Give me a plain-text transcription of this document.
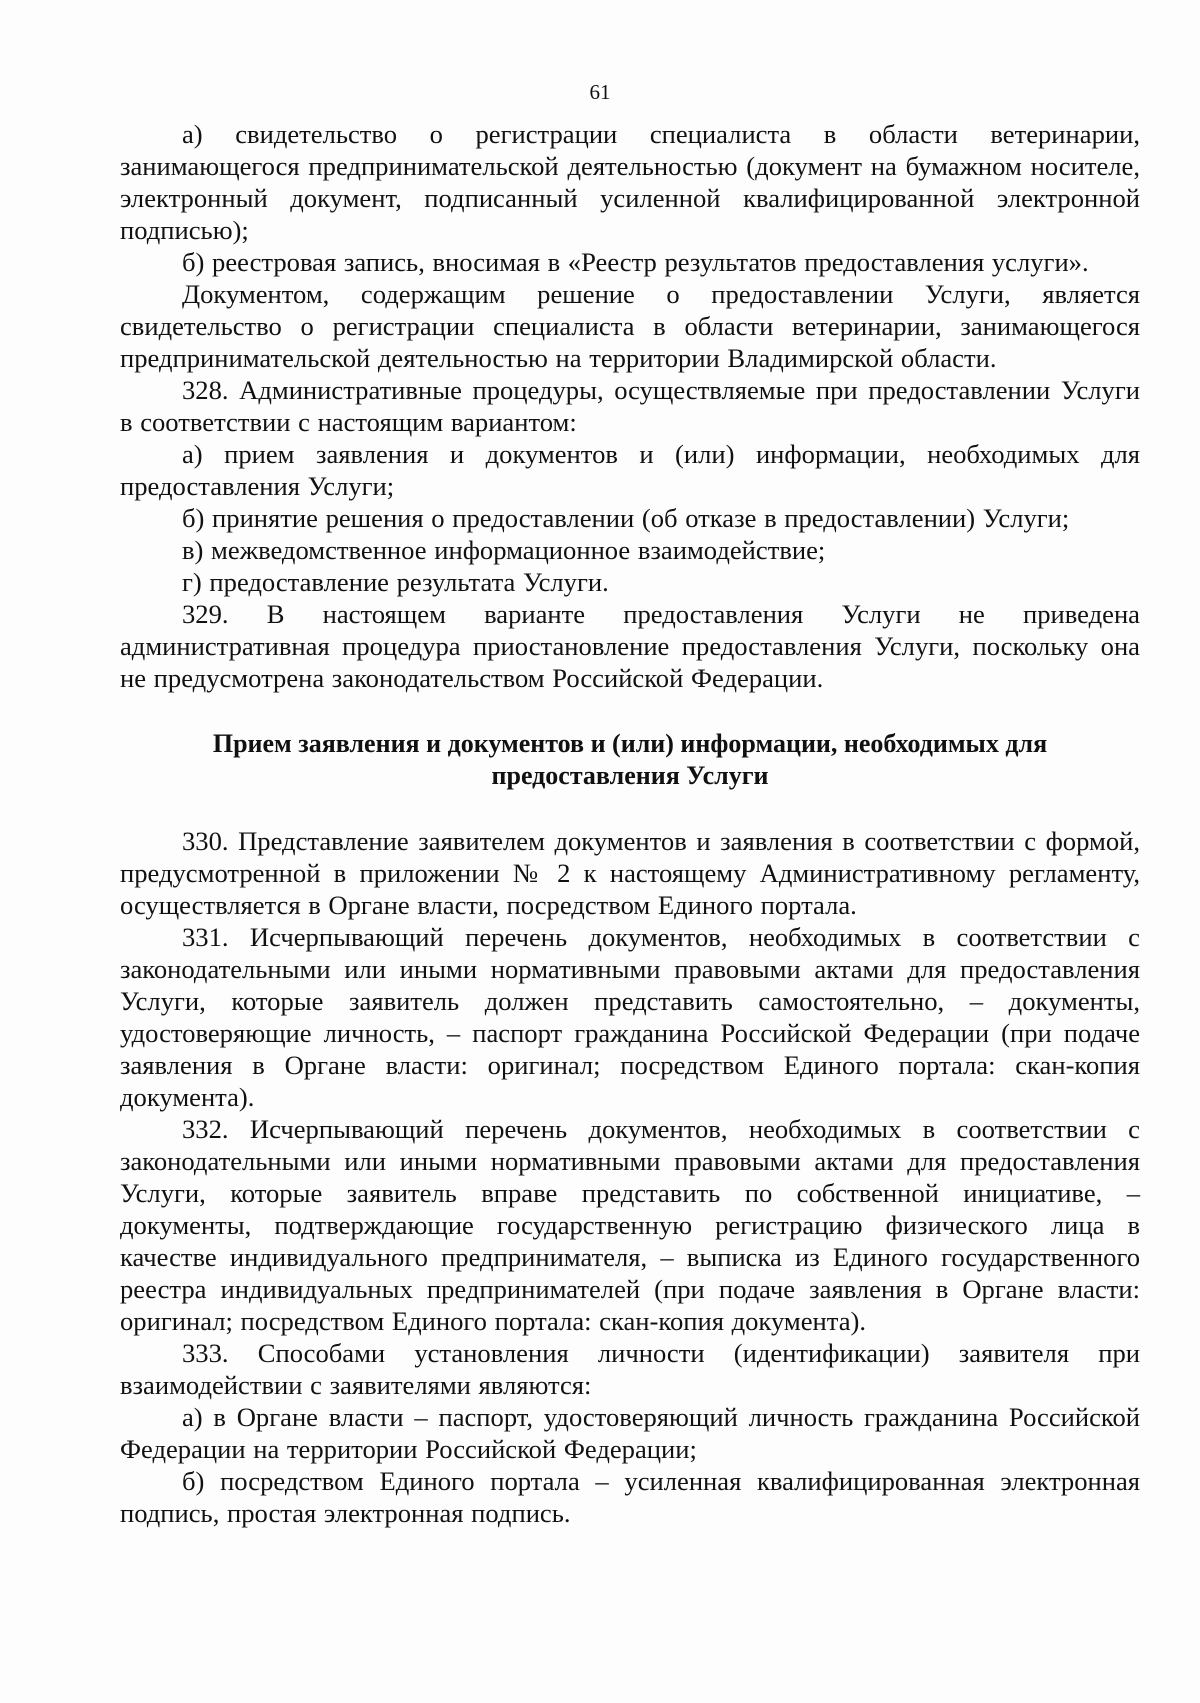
61

а) свидетельство о регистрации специалиста в области ветеринарии, занимающегося предпринимательской деятельностью (документ на бумажном носителе, электронный документ, подписанный усиленной квалифицированной электронной подписью);

б) реестровая запись, вносимая в «Реестр результатов предоставления услуги».

Документом, содержащим решение о предоставлении Услуги, является свидетельство о регистрации специалиста в области ветеринарии, занимающегося предпринимательской деятельностью на территории Владимирской области.

328. Административные процедуры, осуществляемые при предоставлении Услуги в соответствии с настоящим вариантом:

а) прием заявления и документов и (или) информации, необходимых для предоставления Услуги;

б) принятие решения о предоставлении (об отказе в предоставлении) Услуги;

в) межведомственное информационное взаимодействие;

г) предоставление результата Услуги.

329. В настоящем варианте предоставления Услуги не приведена административная процедура приостановление предоставления Услуги, поскольку она не предусмотрена законодательством Российской Федерации.

Прием заявления и документов и (или) информации, необходимых для предоставления Услуги

330. Представление заявителем документов и заявления в соответствии с формой, предусмотренной в приложении № 2 к настоящему Административному регламенту, осуществляется в Органе власти, посредством Единого портала.

331. Исчерпывающий перечень документов, необходимых в соответствии с законодательными или иными нормативными правовыми актами для предоставления Услуги, которые заявитель должен представить самостоятельно, – документы, удостоверяющие личность, – паспорт гражданина Российской Федерации (при подаче заявления в Органе власти: оригинал; посредством Единого портала: скан-копия документа).

332. Исчерпывающий перечень документов, необходимых в соответствии с законодательными или иными нормативными правовыми актами для предоставления Услуги, которые заявитель вправе представить по собственной инициативе, – документы, подтверждающие государственную регистрацию физического лица в качестве индивидуального предпринимателя, – выписка из Единого государственного реестра индивидуальных предпринимателей (при подаче заявления в Органе власти: оригинал; посредством Единого портала: скан-копия документа).

333. Способами установления личности (идентификации) заявителя при взаимодействии с заявителями являются:

а) в Органе власти – паспорт, удостоверяющий личность гражданина Российской Федерации на территории Российской Федерации;

б) посредством Единого портала – усиленная квалифицированная электронная подпись, простая электронная подпись.
